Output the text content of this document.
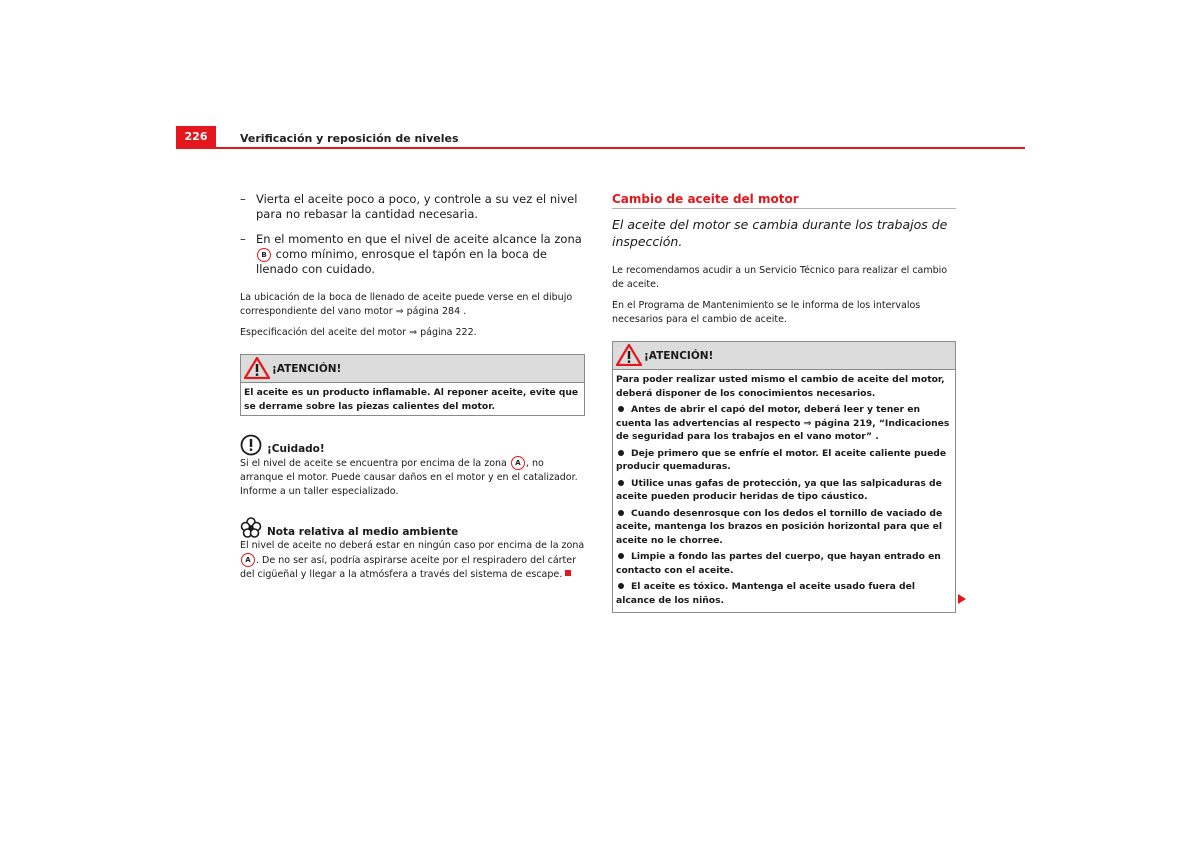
226	Verificación y reposición de niveles
– Vierta el aceite poco a poco, y controle a su vez el nivel para no rebasar la cantidad necesaria.
– En el momento en que el nivel de aceite alcance la zona B como mínimo, enrosque el tapón en la boca de llenado con cuidado.

La ubicación de la boca de llenado de aceite puede verse en el dibujo correspondiente del vano motor ⇒ página 284 .

Especificación del aceite del motor ⇒ página 222.

¡ATENCIÓN!
El aceite es un producto inflamable. Al reponer aceite, evite que se derrame sobre las piezas calientes del motor.
¡Cuidado!

Si el nivel de aceite se encuentra por encima de la zona A , no arranque el motor. Puede causar daños en el motor y en el catalizador. Informe a un taller especializado.

Nota relativa al medio ambiente

El nivel de aceite no deberá estar en ningún caso por encima de la zona A . De no ser así, podría aspirarse aceite por el respiradero del cárter del cigüeñal y llegar a la atmósfera a través del sistema de escape.

Cambio de aceite del motor
El aceite del motor se cambia durante los trabajos de inspección.

Le recomendamos acudir a un Servicio Técnico para realizar el cambio de aceite.

En el Programa de Mantenimiento se le informa de los intervalos necesarios para el cambio de aceite.

¡ATENCIÓN!

Para poder realizar usted mismo el cambio de aceite del motor, deberá disponer de los conocimientos necesarios.

Antes de abrir el capó del motor, deberá leer y tener en cuenta las advertencias al respecto ⇒ página 219, “Indicaciones de seguridad para los trabajos en el vano motor” .

Deje primero que se enfríe el motor. El aceite caliente puede producir quemaduras.

Utilice unas gafas de protección, ya que las salpicaduras de aceite pueden producir heridas de tipo cáustico.

Cuando desenrosque con los dedos el tornillo de vaciado de aceite, mantenga los brazos en posición horizontal para que el aceite no le chorree.

Limpie a fondo las partes del cuerpo, que hayan entrado en contacto con el aceite.

El aceite es tóxico. Mantenga el aceite usado fuera del alcance de los niños.
